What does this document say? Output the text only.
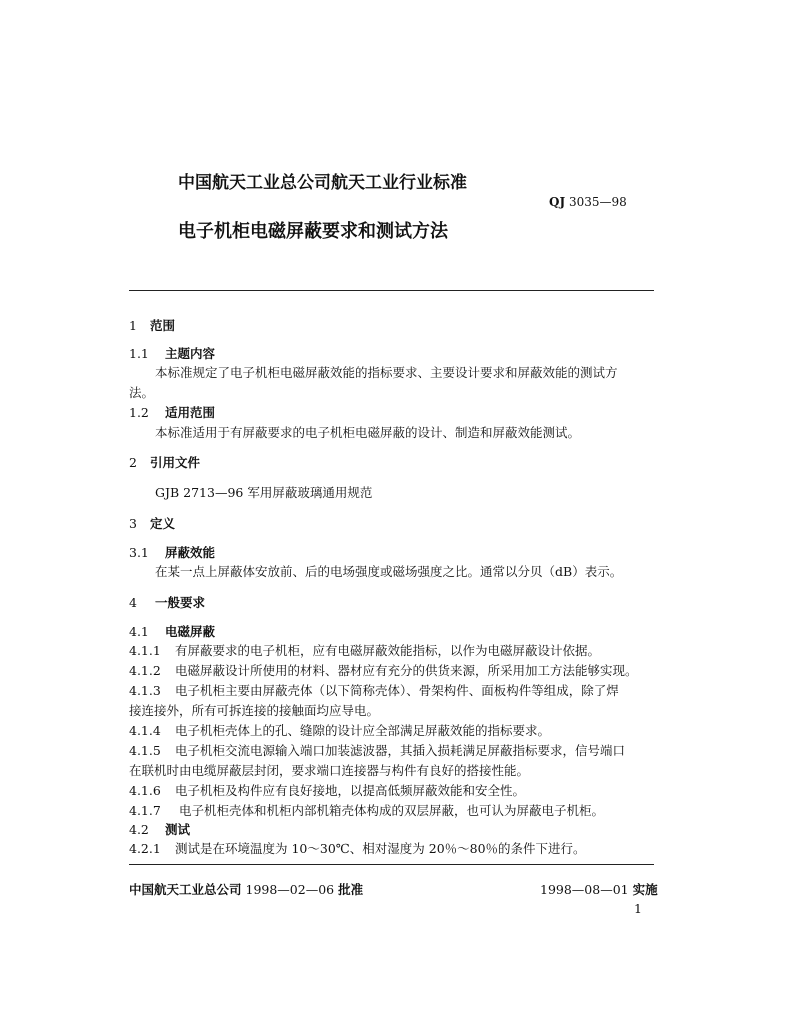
中国航天工业总公司航天工业行业标准
QJ 3035—98
电子机柜电磁屏蔽要求和测试方法
1 范围
1.1 主题内容
本标准规定了电子机柜电磁屏蔽效能的指标要求、主要设计要求和屏蔽效能的测试方
法。
1.2 适用范围
本标准适用于有屏蔽要求的电子机柜电磁屏蔽的设计、制造和屏蔽效能测试。
2 引用文件
GJB 2713—96 军用屏蔽玻璃通用规范
3 定义
3.1 屏蔽效能
在某一点上屏蔽体安放前、后的电场强度或磁场强度之比。通常以分贝（dB）表示。
4 一般要求
4.1 电磁屏蔽
4.1.1 有屏蔽要求的电子机柜，应有电磁屏蔽效能指标，以作为电磁屏蔽设计依据。
4.1.2 电磁屏蔽设计所使用的材料、器材应有充分的供货来源，所采用加工方法能够实现。
4.1.3 电子机柜主要由屏蔽壳体（以下简称壳体）、骨架构件、面板构件等组成，除了焊
接连接外，所有可拆连接的接触面均应导电。
4.1.4 电子机柜壳体上的孔、缝隙的设计应全部满足屏蔽效能的指标要求。
4.1.5 电子机柜交流电源输入端口加装滤波器，其插入损耗满足屏蔽指标要求，信号端口
在联机时由电缆屏蔽层封闭，要求端口连接器与构件有良好的搭接性能。
4.1.6 电子机柜及构件应有良好接地，以提高低频屏蔽效能和安全性。
4.1.7 电子机柜壳体和机柜内部机箱壳体构成的双层屏蔽，也可认为屏蔽电子机柜。
4.2 测试
4.2.1 测试是在环境温度为 10～30℃、相对湿度为 20％～80％的条件下进行。
中国航天工业总公司 1998—02—06 批准	1998—08—01 实施
1
